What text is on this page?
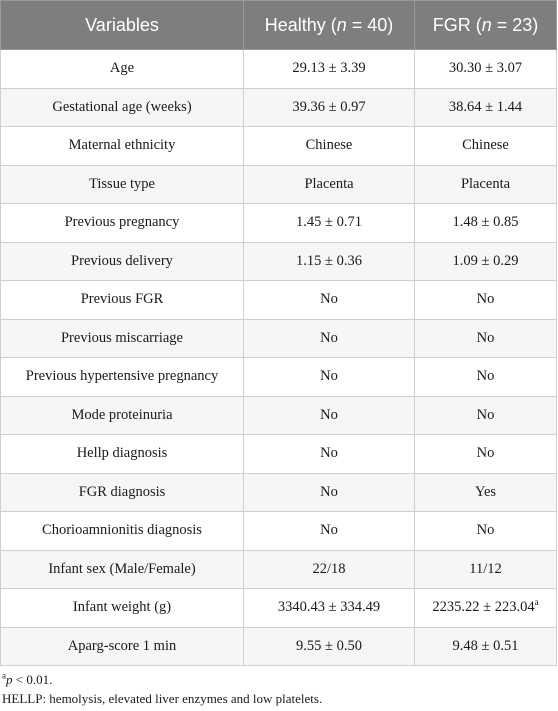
Variables	Healthy (n = 40)	FGR (n = 23)
Age	29.13 ± 3.39	30.30 ± 3.07
Gestational age (weeks)	39.36 ± 0.97	38.64 ± 1.44
Maternal ethnicity	Chinese	Chinese
Tissue type	Placenta	Placenta
Previous pregnancy	1.45 ± 0.71	1.48 ± 0.85
Previous delivery	1.15 ± 0.36	1.09 ± 0.29
Previous FGR	No	No
Previous miscarriage	No	No
Previous hypertensive pregnancy	No	No
Mode proteinuria	No	No
Hellp diagnosis	No	No
FGR diagnosis	No	Yes
Chorioamnionitis diagnosis	No	No
Infant sex (Male/Female)	22/18	11/12
Infant weight (g)	3340.43 ± 334.49	2235.22 ± 223.04$^a$
Aparg-score 1 min	9.55 ± 0.50	9.48 ± 0.51
$^a$p < 0.01.
HELLP: hemolysis, elevated liver enzymes and low platelets.
